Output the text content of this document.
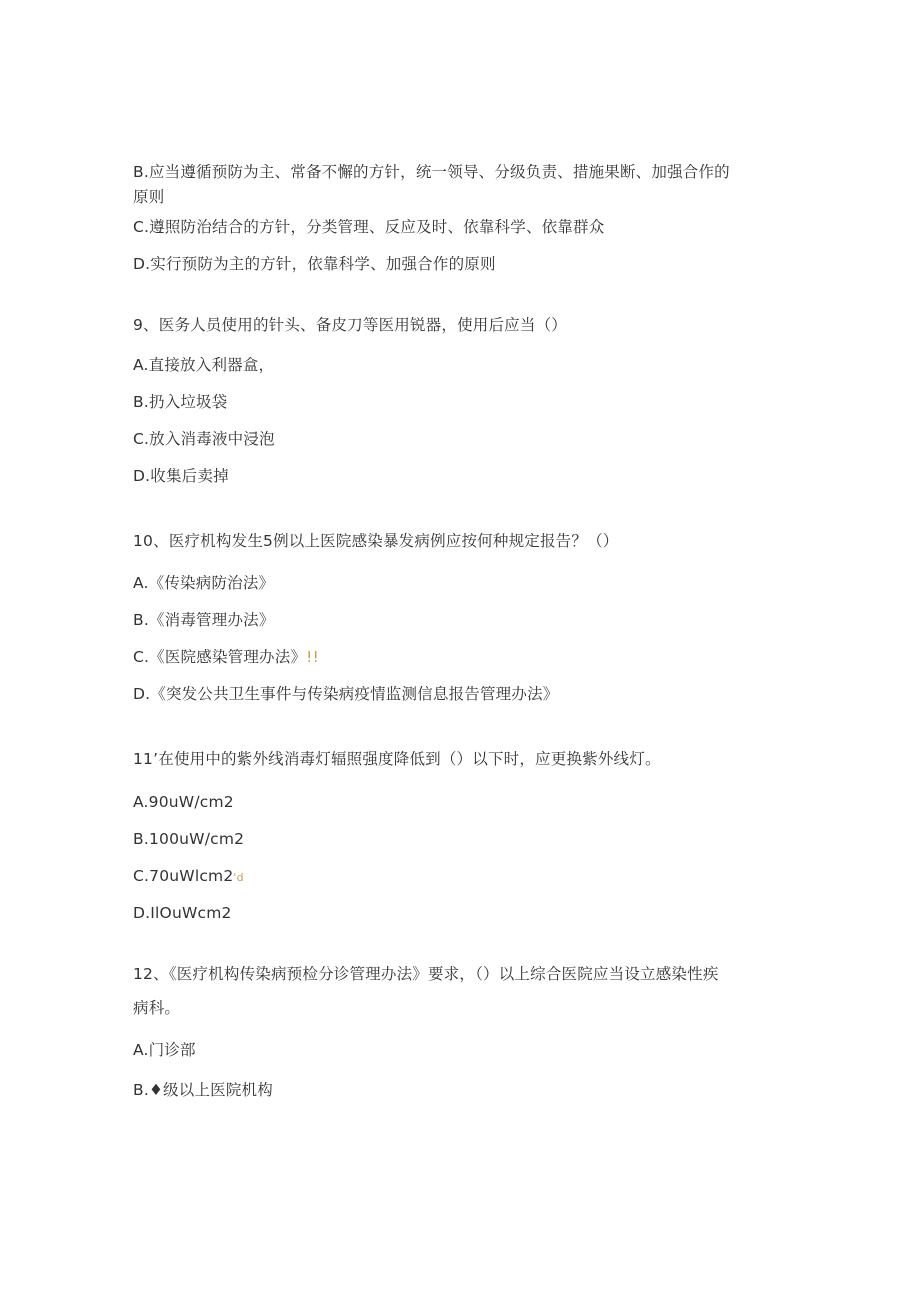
B.应当遵循预防为主、常备不懈的方针，统一领导、分级负责、措施果断、加强合作的
原则
C.遵照防治结合的方针，分类管理、反应及时、依靠科学、依靠群众
D.实行预防为主的方针，依靠科学、加强合作的原则
9、医务人员使用的针头、备皮刀等医用锐器，使用后应当（）
A.直接放入利器盒，
B.扔入垃圾袋
C.放入消毒液中浸泡
D.收集后卖掉
10、医疗机构发生5例以上医院感染暴发病例应按何种规定报告？（）
A.《传染病防治法》
B.《消毒管理办法》
C.《医院感染管理办法》!!
D.《突发公共卫生事件与传染病疫情监测信息报告管理办法》
11’在使用中的紫外线消毒灯辐照强度降低到（）以下时，应更换紫外线灯。
A.90uW∕cm2
B.100uW∕cm2
C.70uWlcm2'd
D.IlOuWcm2
12、《医疗机构传染病预检分诊管理办法》要求，（）以上综合医院应当设立感染性疾
病科。
A.门诊部
B.♦级以上医院机构
